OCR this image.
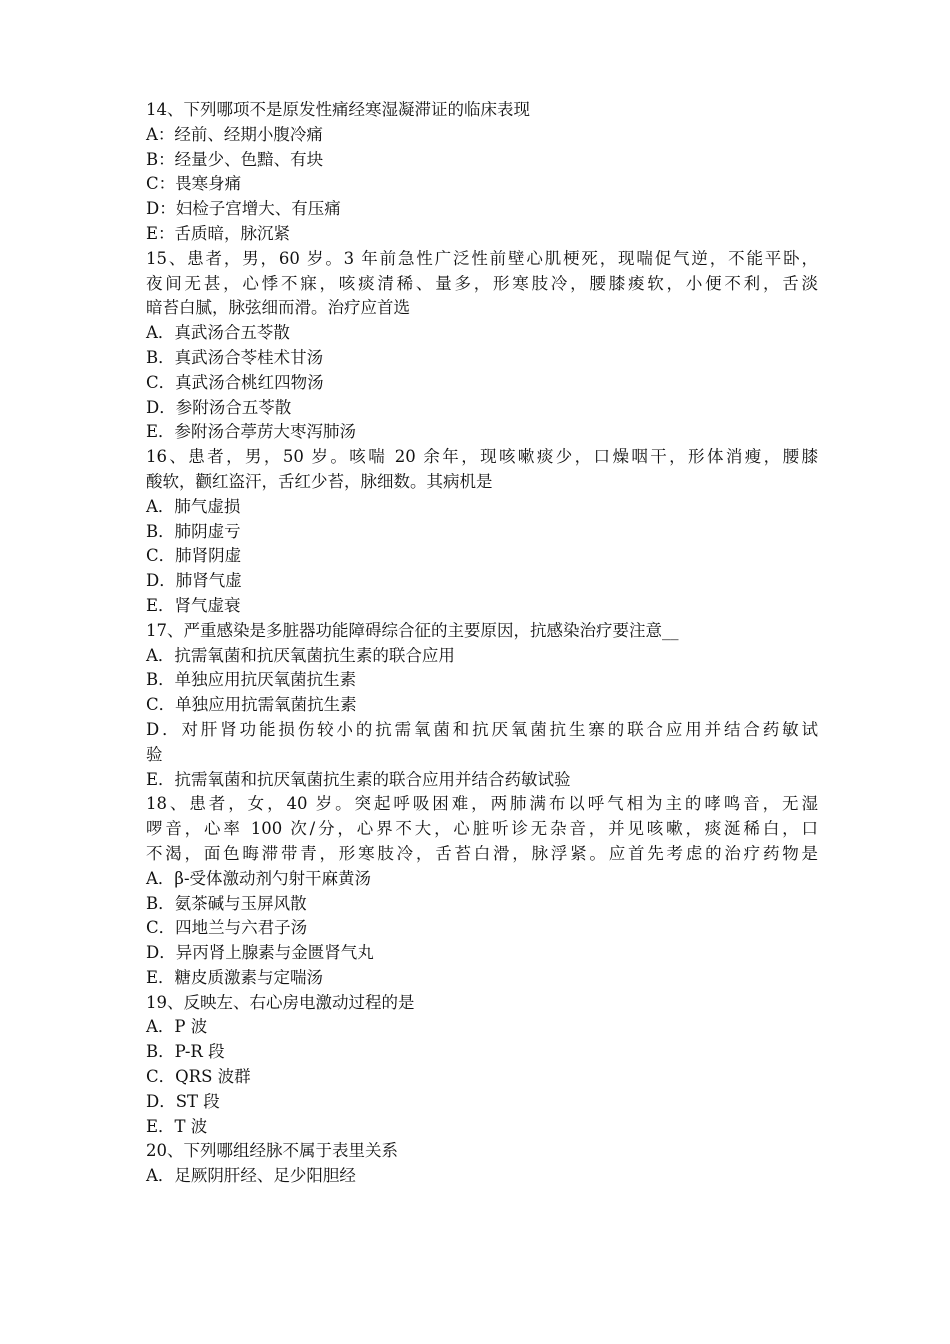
14、下列哪项不是原发性痛经寒湿凝滞证的临床表现
A：经前、经期小腹冷痛
B：经量少、色黯、有块
C：畏寒身痛
D：妇检子宫增大、有压痛
E：舌质暗，脉沉紧
15、患者，男，60 岁。3 年前急性广泛性前壁心肌梗死，现喘促气逆，不能平卧，
夜间无甚，心悸不寐，咳痰清稀、量多，形寒肢冷，腰膝痠软，小便不利，舌淡
暗苔白腻，脉弦细而滑。治疗应首选
A．真武汤合五苓散
B．真武汤合苓桂术甘汤
C．真武汤合桃红四物汤
D．参附汤合五苓散
E．参附汤合葶苈大枣泻肺汤
16、患者，男，50 岁。咳喘 20 余年，现咳嗽痰少，口燥咽干，形体消瘦，腰膝
酸软，颧红盗汗，舌红少苔，脉细数。其病机是
A．肺气虚损
B．肺阴虚亏
C．肺肾阴虚
D．肺肾气虚
E．肾气虚衰
17、严重感染是多脏器功能障碍综合征的主要原因，抗感染治疗要注意__
A．抗需氧菌和抗厌氧菌抗生素的联合应用
B．单独应用抗厌氧菌抗生素
C．单独应用抗需氧菌抗生素
D．对肝肾功能损伤较小的抗需氧菌和抗厌氧菌抗生寨的联合应用并结合药敏试
验
E．抗需氧菌和抗厌氧菌抗生素的联合应用并结合药敏试验
18、患者，女，40 岁。突起呼吸困难，两肺满布以呼气相为主的哮鸣音，无湿
啰音，心率 100 次/分，心界不大，心脏听诊无杂音，并见咳嗽，痰涎稀白，口
不渴，面色晦滞带青，形寒肢冷，舌苔白滑，脉浮紧。应首先考虑的治疗药物是
A．β-受体激动剂勺射干麻黄汤
B．氨茶碱与玉屏风散
C．四地兰与六君子汤
D．异丙肾上腺素与金匮肾气丸
E．糖皮质激素与定喘汤
19、反映左、右心房电激动过程的是
A．P 波
B．P-R 段
C．QRS 波群
D．ST 段
E．T 波
20、下列哪组经脉不属于表里关系
A．足厥阴肝经、足少阳胆经
